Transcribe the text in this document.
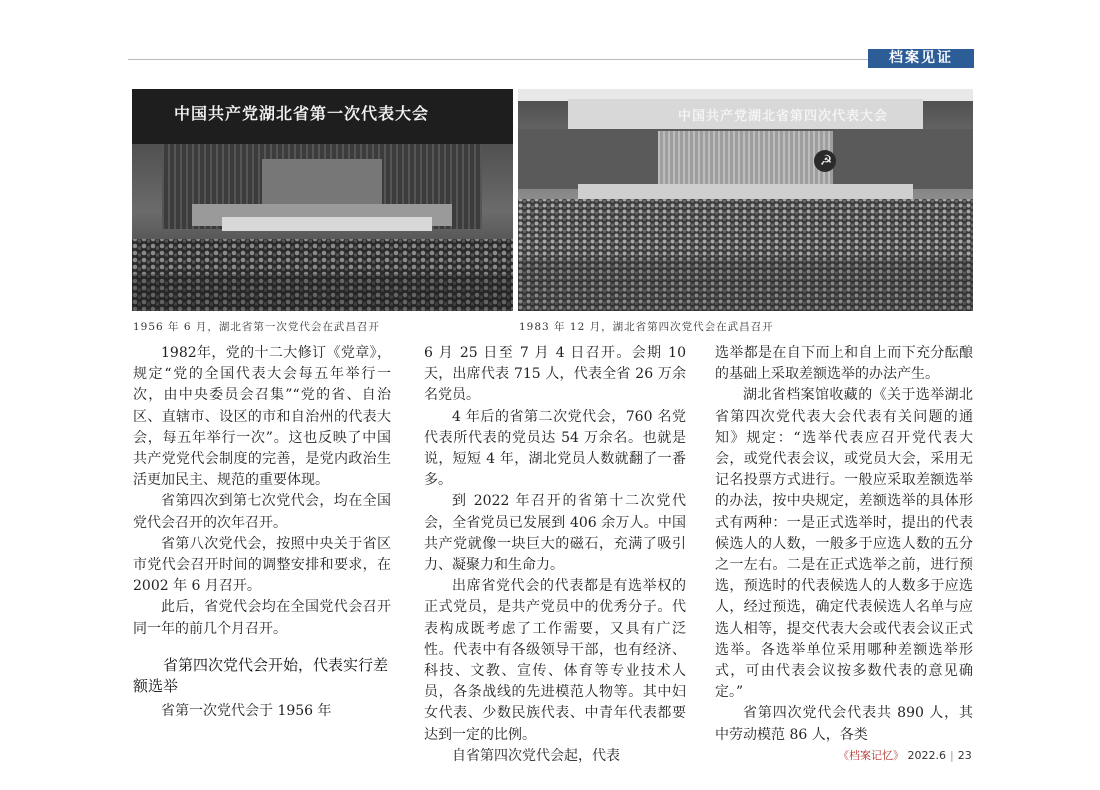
档案见证
中国共产党湖北省第一次代表大会	中国共产党湖北省第四次代表大会
☭
1956 年 6 月，湖北省第一次党代会在武昌召开	1983 年 12 月，湖北省第四次党代会在武昌召开

1982年，党的十二大修订《党章》，规定“党的全国代表大会每五年举行一次，由中央委员会召集”“党的省、自治区、直辖市、设区的市和自治州的代表大会，每五年举行一次”。这也反映了中国共产党党代会制度的完善，是党内政治生活更加民主、规范的重要体现。

省第四次到第七次党代会，均在全国党代会召开的次年召开。

省第八次党代会，按照中央关于省区市党代会召开时间的调整安排和要求，在 2002 年 6 月召开。

此后，省党代会均在全国党代会召开同一年的前几个月召开。

省第四次党代会开始，代表实行差额选举

省第一次党代会于 1956 年

6 月 25 日至 7 月 4 日召开。会期 10 天，出席代表 715 人，代表全省 26 万余名党员。

4 年后的省第二次党代会，760 名党代表所代表的党员达 54 万余名。也就是说，短短 4 年，湖北党员人数就翻了一番多。

到 2022 年召开的省第十二次党代会，全省党员已发展到 406 余万人。中国共产党就像一块巨大的磁石，充满了吸引力、凝聚力和生命力。

出席省党代会的代表都是有选举权的正式党员，是共产党员中的优秀分子。代表构成既考虑了工作需要，又具有广泛性。代表中有各级领导干部，也有经济、科技、文教、宣传、体育等专业技术人员，各条战线的先进模范人物等。其中妇女代表、少数民族代表、中青年代表都要达到一定的比例。

自省第四次党代会起，代表

选举都是在自下而上和自上而下充分酝酿的基础上采取差额选举的办法产生。

湖北省档案馆收藏的《关于选举湖北省第四次党代表大会代表有关问题的通知》规定：“选举代表应召开党代表大会，或党代表会议，或党员大会，采用无记名投票方式进行。一般应采取差额选举的办法，按中央规定，差额选举的具体形式有两种：一是正式选举时，提出的代表候选人的人数，一般多于应选人数的五分之一左右。二是在正式选举之前，进行预选，预选时的代表候选人的人数多于应选人，经过预选，确定代表候选人名单与应选人相等，提交代表大会或代表会议正式选举。各选举单位采用哪种差额选举形式，可由代表会议按多数代表的意见确定。”

省第四次党代会代表共 890 人，其中劳动模范 86 人，各类

《档案记忆》 2022.6 | 23
